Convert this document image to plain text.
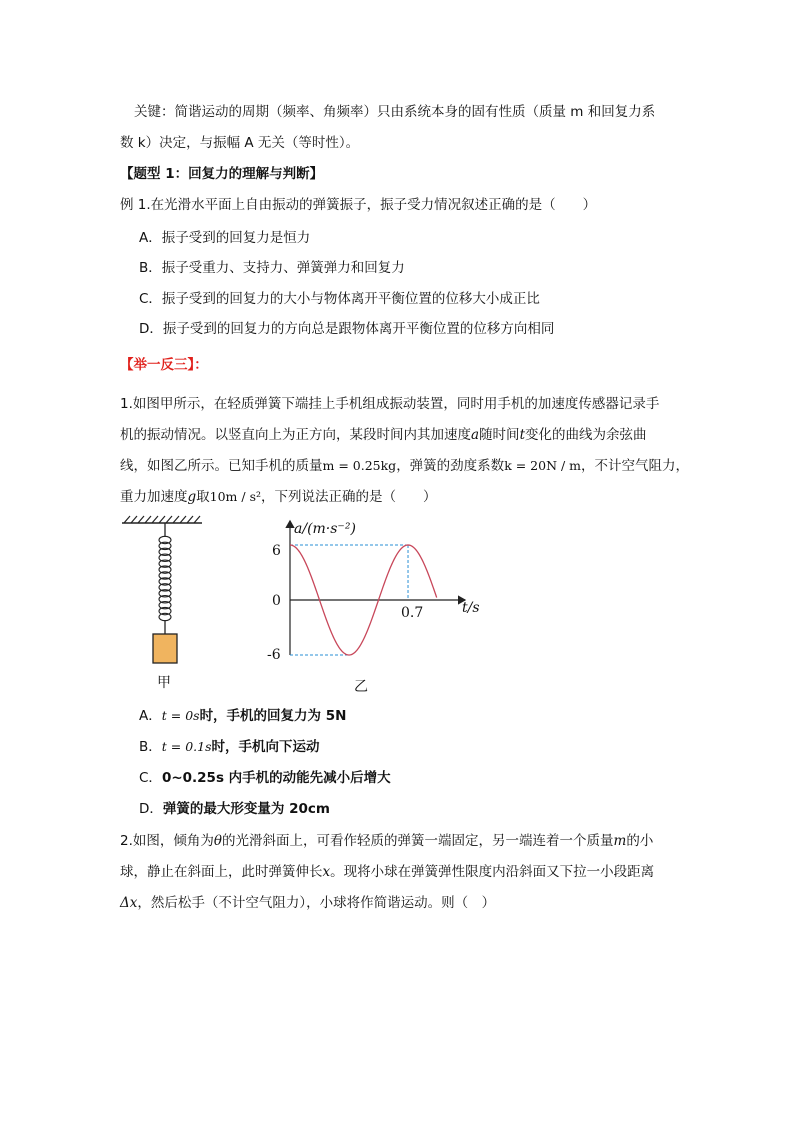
关键：简谐运动的周期（频率、角频率）只由系统本身的固有性质（质量 m 和回复力系
数 k）决定，与振幅 A 无关（等时性）。
【题型 1：回复力的理解与判断】
例 1.在光滑水平面上自由振动的弹簧振子，振子受力情况叙述正确的是（　　）
A．振子受到的回复力是恒力
B．振子受重力、支持力、弹簧弹力和回复力
C．振子受到的回复力的大小与物体离开平衡位置的位移大小成正比
D．振子受到的回复力的方向总是跟物体离开平衡位置的位移方向相同
【举一反三】：
1.如图甲所示，在轻质弹簧下端挂上手机组成振动装置，同时用手机的加速度传感器记录手
机的振动情况。以竖直向上为正方向，某段时间内其加速度a随时间t变化的曲线为余弦曲
线，如图乙所示。已知手机的质量m = 0.25kg，弹簧的劲度系数k = 20N / m，不计空气阻力，
重力加速度g取10m / s²，下列说法正确的是（　　）
甲
a/(m·s⁻²)
t/s
6
0
-6
0.7
乙
A．t = 0s时，手机的回复力为 5N
B．t = 0.1s时，手机向下运动
C．0~0.25s 内手机的动能先减小后增大
D．弹簧的最大形变量为 20cm
2.如图，倾角为θ的光滑斜面上，可看作轻质的弹簧一端固定，另一端连着一个质量m的小
球，静止在斜面上，此时弹簧伸长x。现将小球在弹簧弹性限度内沿斜面又下拉一小段距离
Δx，然后松手（不计空气阻力），小球将作简谐运动。则（　）
